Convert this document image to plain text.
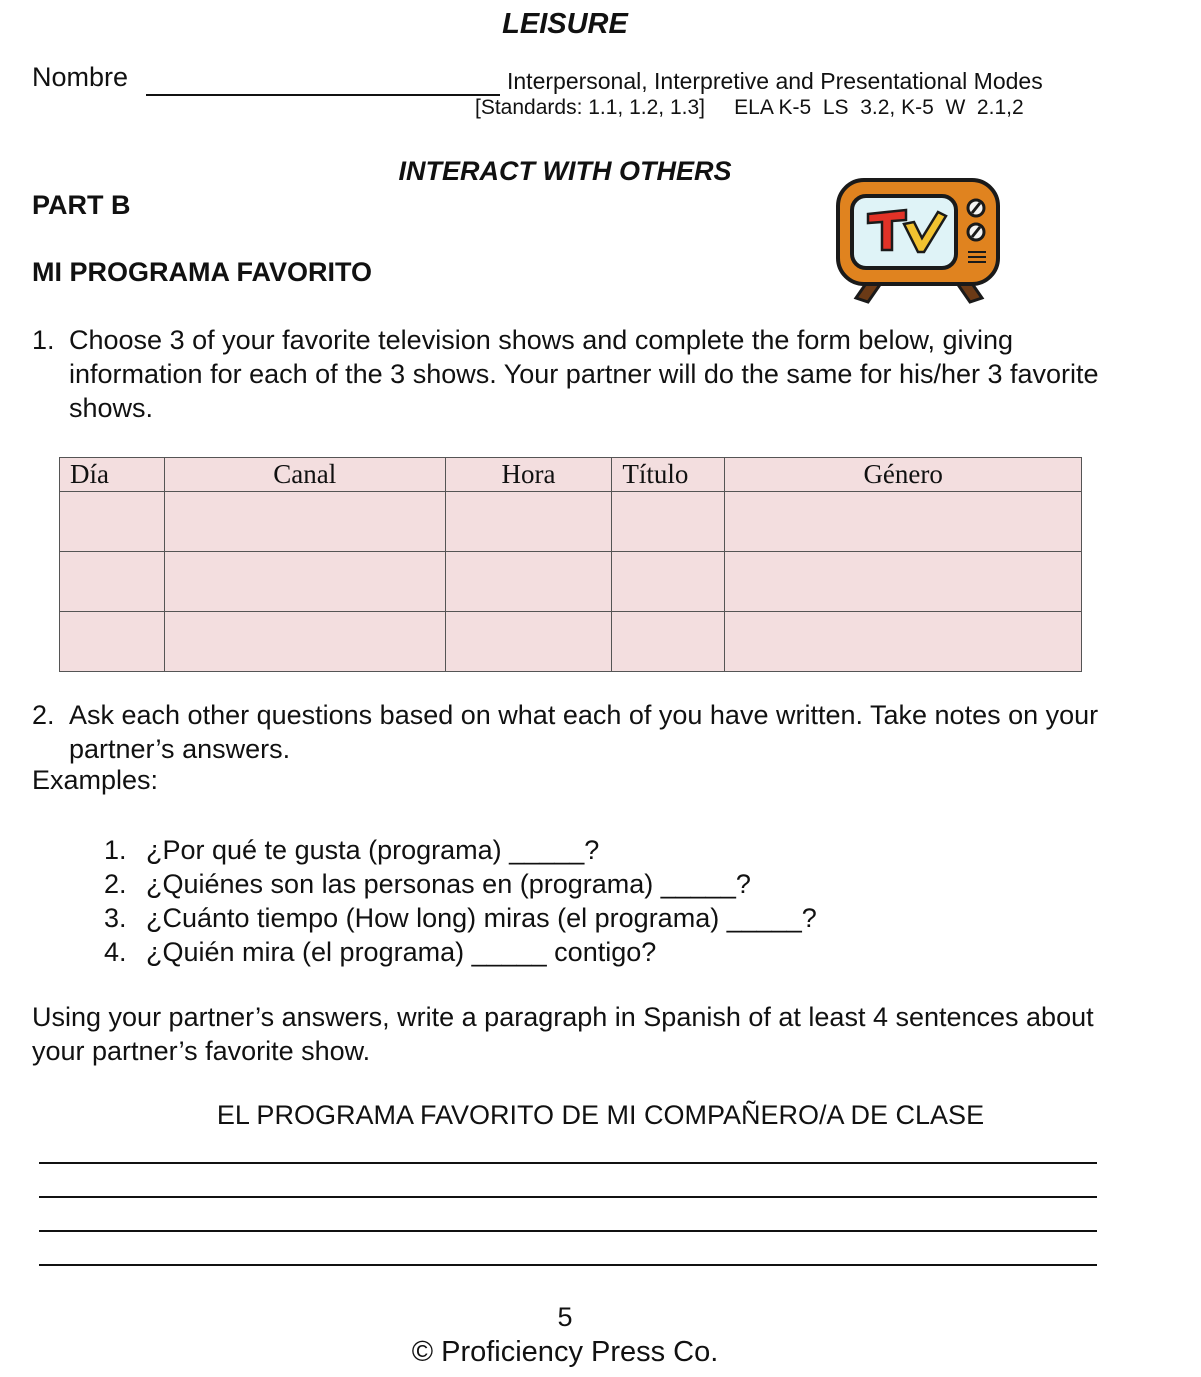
LEISURE
Nombre	Interpersonal, Interpretive and Presentational Modes
[Standards: 1.1, 1.2, 1.3]     ELA K-5  LS  3.2, K-5  W  2.1,2
INTERACT WITH OTHERS
PART B
MI PROGRAMA FAVORITO
1. Choose 3 of your favorite television shows and complete the form below, giving information for each of the 3 shows. Your partner will do the same for his/her 3 favorite shows.
Día	Canal	Hora	Título	Género

2. Ask each other questions based on what each of you have written. Take notes on your partner’s answers.
Examples:
1. ¿Por qué te gusta (programa) _____?
2. ¿Quiénes son las personas en (programa) _____?
3. ¿Cuánto tiempo (How long) miras (el programa) _____?
4. ¿Quién mira (el programa) _____ contigo?
Using your partner’s answers, write a paragraph in Spanish of at least 4 sentences about your partner’s favorite show.
EL PROGRAMA FAVORITO DE MI COMPAÑERO/A DE CLASE
5
© Proficiency Press Co.
